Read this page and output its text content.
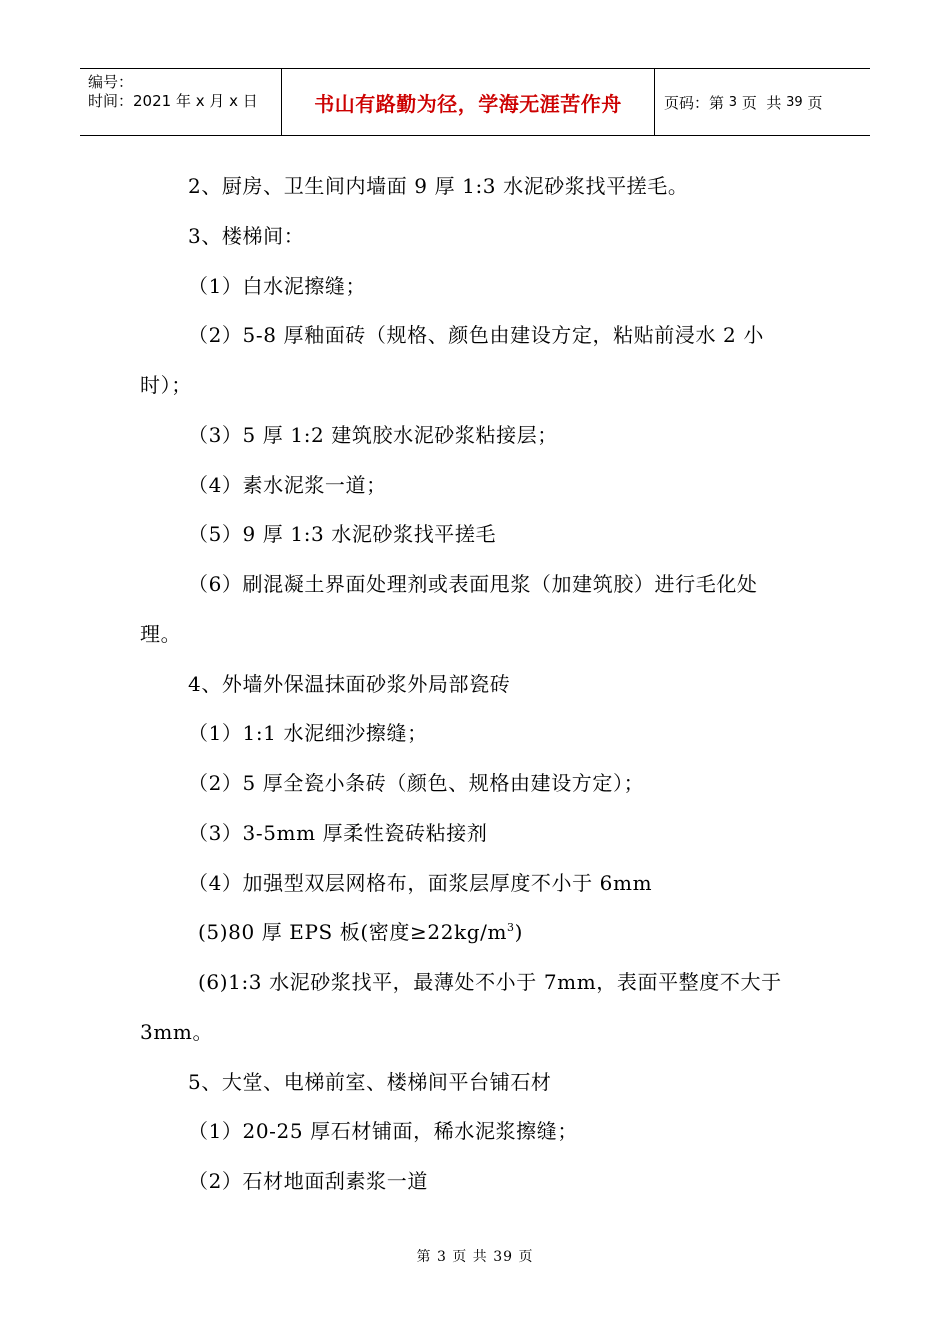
编号：
时间：2021 年 x 月 x 日	书山有路勤为径，学海无涯苦作舟	页码：第 3 页  共 39 页
2、厨房、卫生间内墙面 9 厚 1:3 水泥砂浆找平搓毛。
3、楼梯间：
（1）白水泥擦缝；
（2）5-8 厚釉面砖（规格、颜色由建设方定，粘贴前浸水 2 小
时）；
（3）5 厚 1:2 建筑胶水泥砂浆粘接层；
（4）素水泥浆一道；
（5）9 厚 1:3 水泥砂浆找平搓毛
（6）刷混凝土界面处理剂或表面甩浆（加建筑胶）进行毛化处
理。
4、外墙外保温抹面砂浆外局部瓷砖
（1）1:1 水泥细沙擦缝；
（2）5 厚全瓷小条砖（颜色、规格由建设方定）；
（3）3-5mm 厚柔性瓷砖粘接剂
（4）加强型双层网格布，面浆层厚度不小于 6mm
(5)80 厚 EPS 板(密度$\ge 22kg/m^3$)
(6)1:3 水泥砂浆找平，最薄处不小于 7mm，表面平整度不大于
3mm。
5、大堂、电梯前室、楼梯间平台铺石材
（1）20-25 厚石材铺面，稀水泥浆擦缝；
（2）石材地面刮素浆一道
第 3 页 共 39 页
